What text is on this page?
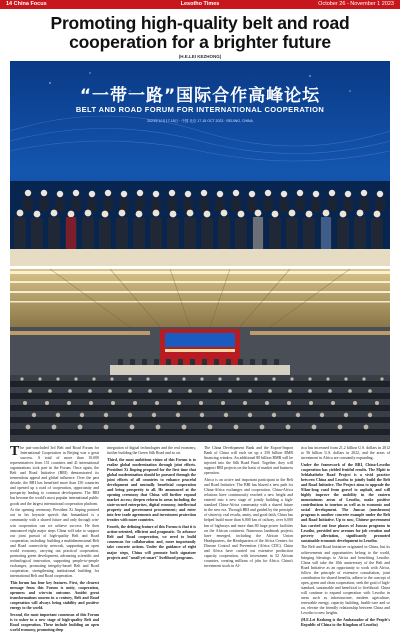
14 China Focus	Lesotho Times	October 26 - November 1 2023
Promoting high-quality belt and road cooperation for a brighter future
(H.E.LEI KEZHONG)
“一带一路”国际合作高峰论坛
BELT AND ROAD FORUM FOR INTERNATIONAL COOPERATION
2023年10月17-18日 · 中国 北京 17-18 OCT 2023 · BEIJING, CHINA

The just-concluded 3rd Belt and Road Forum for International Cooperation in Beijing was a great success. A total of more than 10,000 representatives from 151 countries and 41 international organizations took part in the Forum. Once again, the Belt and Road Initiative (BRI) demonstrated its tremendous appeal and global influence. Over the past decade, the BRI has benefited more than 150 countries and opened up a road of cooperation, opportunity and prosperity leading to common development. The BRI has become the world's most popular international public goods and the largest international cooperation platform.

At the opening ceremony, President Xi Jinping pointed out in his keynote speech that humankind is a community with a shared future and only through win-win cooperation can we achieve success. He then announced eight major steps China will take to support our joint pursuit of high-quality Belt and Road cooperation, including: building a multidimensional Belt and Road connectivity network, supporting an open world economy, carrying out practical cooperation, promoting green development, advancing scientific and technological innovation, supporting people-to-people exchanges, promoting integrity-based Belt and Road cooperation, strengthening institutional building for international Belt and Road cooperation.

This forum has four key features. First, the clearest message from this Forum is unity, cooperation, openness and win-win outcome. Amidst great transformations unseen in a century, Belt and Road cooperation will always bring stability and positive energy to the world.

Second, the most important consensus of this Forum is to usher in a new stage of high-quality Belt and Road cooperation. These include building an open world economy, promoting deep

integration of digital technologies and the real economy, further building the Green Silk Road and so on.

Third, the most ambitious vision of this Forum is to realize global modernization through joint efforts. President Xi Jinping proposed for the first time that global modernization should be pursued through the joint efforts of all countries to enhance peaceful development and mutually beneficial cooperation and bring prosperity to all. He announced at the opening ceremony that China will further expand market access; deepen reform in areas including the state-owned enterprises, digital economy, intellectual property and government procurement; and enter into free trade agreements and investment protection treaties with more countries.

Fourth, the defining feature of this Forum is that it is action-oriented, efficient and pragmatic. To advance Belt and Road cooperation, we need to build consensus for collaboration and, more importantly take concrete actions. Under the guidance of eight major steps, China will promote both signature projects and "small yet smart" livelihood programs.

The China Development Bank and the Export-Import Bank of China will each set up a 350 billion RMB financing window. An additional 80 billion RMB will be injected into the Silk Road Fund. Together, they will support BRI projects on the basis of market and business operation.

Africa is an active and important participant in the Belt and Road Initiative. The BRI has blazed a new path for China-Africa exchanges and cooperation. China-Africa relations have continuously reached a new height and entered into a new stage of jointly building a high-standard China-Africa community with a shared future in the new era. Through BRI and guided by the principle of sincerity, real results, amity, and good faith, China has helped build more than 6,000 km of railway, over 6,000 km of highways and more than 80 large power facilities on the African continent. Numerous landmark projects have emerged, including the African Union Headquarters, the Headquarters of the Africa Centers for Disease Control and Prevention (Africa CDC). China and Africa have carried out extensive production capacity cooperation, with investment in 52 African countries, creating millions of jobs for Africa. China's investment stock in Af-

rica has increased from 21.2 billion U.S. dollars in 2012 to 56 billion U.S. dollars in 2022, and the areas of investment in Africa are constantly expanding.

Under the framework of the BRI, China-Lesotho cooperation has yielded fruitful results. The Mpiti to Sehlabathebe Road Project is a vivid practice between China and Lesotho to jointly build the Belt and Road Initiative. The Project aims to upgrade the 91km-long road from gravel to asphalt, and will highly improve the mobility in the eastern mountainous areas of Lesotho, make positive contributions to tourism as well as to economic and social development. The Juncao (mushroom) program is another concrete example under the Belt and Road Initiative. Up to now, Chinese government has carried out four phases of Juncao programs in Lesotho, provided new avenues for job creation and poverty alleviation, significantly promoted sustainable economic development in Lesotho.

The Belt and Road Initiative originated in China, but its achievements and opportunities belong to the world, bringing blessings to Africa and benefiting Lesotho. China will take the 10th anniversary of the Belt and Road Initiative as an opportunity to work with Africa, follow the principle of extensive consultation, joint contribution for shared benefits, adhere to the concept of open, green and clean cooperation, seek the goal of high-standard, sustainable and beneficial to livelihood. China will continue to expand cooperation with Lesotho in areas such as infrastructure, modern agriculture, renewable energy, capacity building, health-care and so on, elevate the friendly relationship between China and Lesotho to new heights.

(H.E.Lei Kezhong is the Ambassador of the People's Republic of China to the Kingdom of Lesotho)
